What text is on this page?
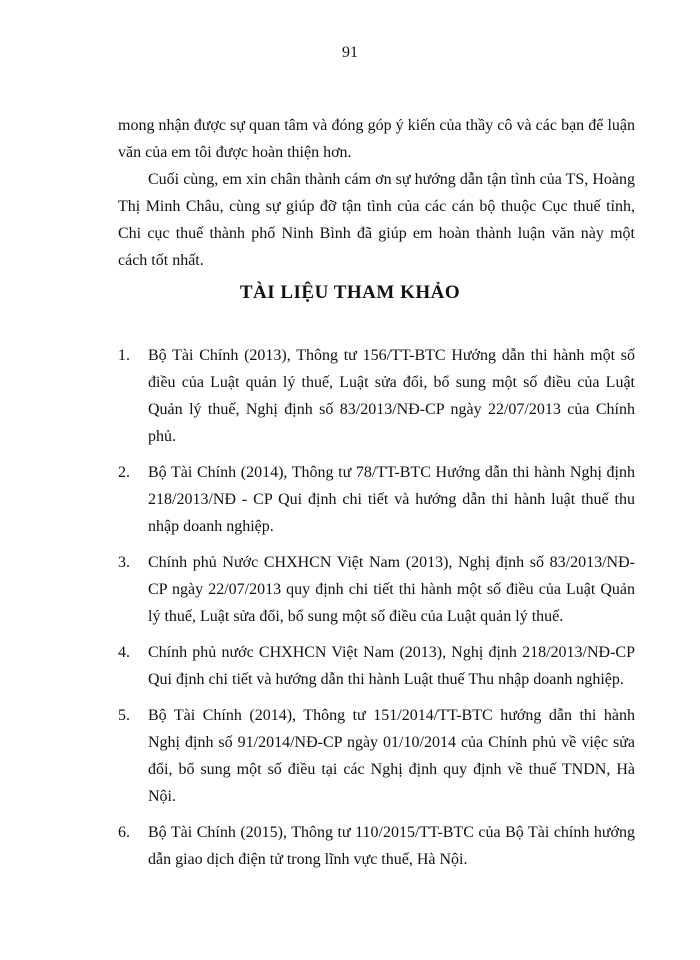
91

mong nhận được sự quan tâm và đóng góp ý kiến của thầy cô và các bạn để luận văn của em tôi được hoàn thiện hơn.

Cuối cùng, em xin chân thành cám ơn sự hướng dẫn tận tình của TS, Hoàng Thị Minh Châu, cùng sự giúp đỡ tận tình của các cán bộ thuộc Cục thuế tỉnh, Chi cục thuế thành phố Ninh Bình đã giúp em hoàn thành luận văn này một cách tốt nhất.

TÀI LIỆU THAM KHẢO
1.	Bộ Tài Chính (2013), Thông tư 156/TT-BTC Hướng dẫn thi hành một số điều của Luật quản lý thuế, Luật sửa đổi, bổ sung một số điều của Luật Quản lý thuế, Nghị định số 83/2013/NĐ-CP ngày 22/07/2013 của Chính phủ.
2.	Bộ Tài Chính (2014), Thông tư 78/TT-BTC Hướng dẫn thi hành Nghị định 218/2013/NĐ - CP Qui định chi tiết và hướng dẫn thi hành luật thuế thu nhập doanh nghiệp.
3.	Chính phủ Nước CHXHCN Việt Nam (2013), Nghị định số 83/2013/NĐ-CP ngày 22/07/2013 quy định chi tiết thi hành một số điều của Luật Quản lý thuế, Luật sửa đổi, bổ sung một số điều của Luật quản lý thuế.
4.	Chính phủ nước CHXHCN Việt Nam (2013), Nghị định 218/2013/NĐ-CP Qui định chi tiết và hướng dẫn thi hành Luật thuế Thu nhập doanh nghiệp.
5.	Bộ Tài Chính (2014), Thông tư 151/2014/TT-BTC hướng dẫn thi hành Nghị định số 91/2014/NĐ-CP ngày 01/10/2014 của Chính phủ về việc sửa đổi, bổ sung một số điều tại các Nghị định quy định về thuế TNDN, Hà Nội.
6.	Bộ Tài Chính (2015), Thông tư 110/2015/TT-BTC của Bộ Tài chính hướng dẫn giao dịch điện tử trong lĩnh vực thuế, Hà Nội.
